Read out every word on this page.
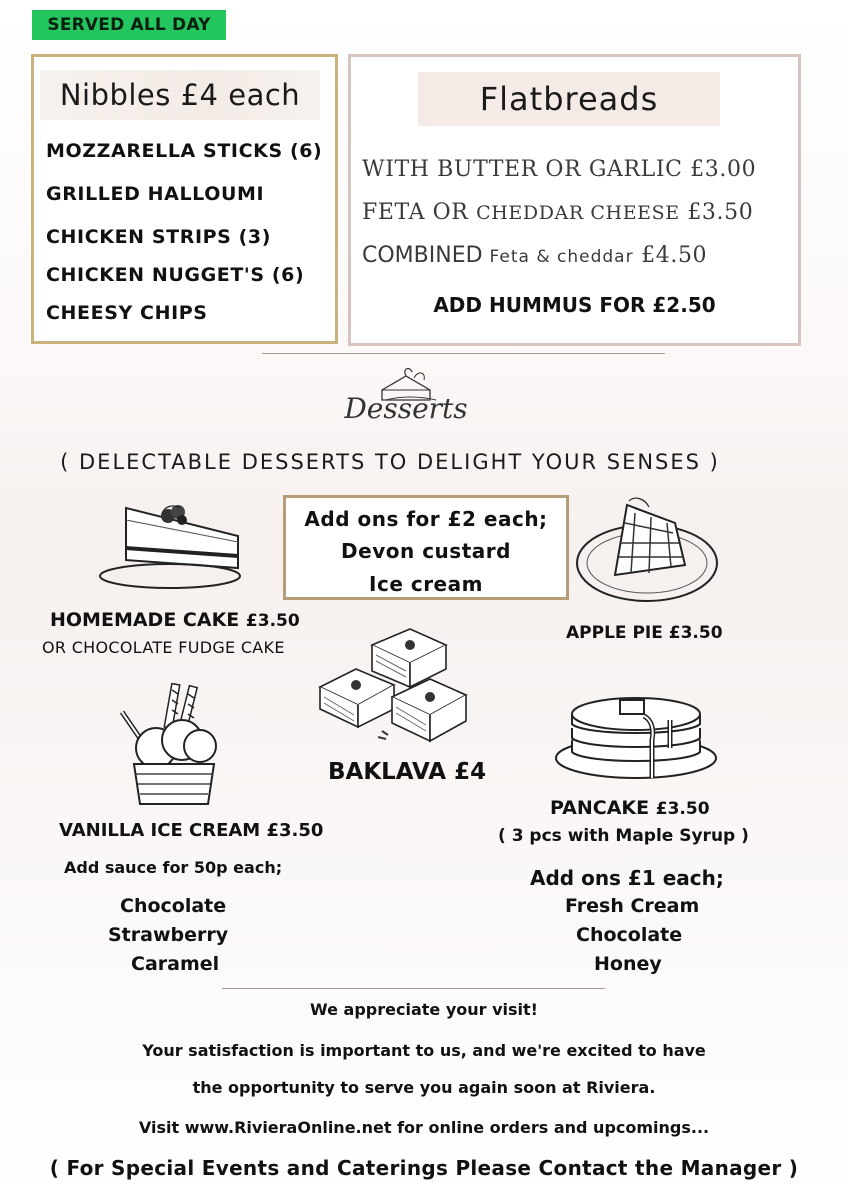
SERVED ALL DAY
Nibbles £4 each
MOZZARELLA STICKS (6)
GRILLED HALLOUMI
CHICKEN STRIPS (3)
CHICKEN NUGGET'S (6)
CHEESY CHIPS
Flatbreads
WITH BUTTER OR GARLIC £3.00
FETA OR CHEDDAR CHEESE £3.50
COMBINED Feta & cheddar £4.50
ADD HUMMUS FOR £2.50
Desserts
( DELECTABLE DESSERTS TO DELIGHT YOUR SENSES )
Add ons for £2 each;
Devon custard
Ice cream
HOMEMADE CAKE £3.50
OR CHOCOLATE FUDGE CAKE
APPLE PIE £3.50
BAKLAVA £4
VANILLA ICE CREAM £3.50
Add sauce for 50p each;
Chocolate
Strawberry
Caramel
PANCAKE £3.50
( 3 pcs with Maple Syrup )
Add ons £1 each;
Fresh Cream
Chocolate
Honey
We appreciate your visit!
Your satisfaction is important to us, and we're excited to have
the opportunity to serve you again soon at Riviera.
Visit www.RivieraOnline.net for online orders and upcomings...
( For Special Events and Caterings Please Contact the Manager )
